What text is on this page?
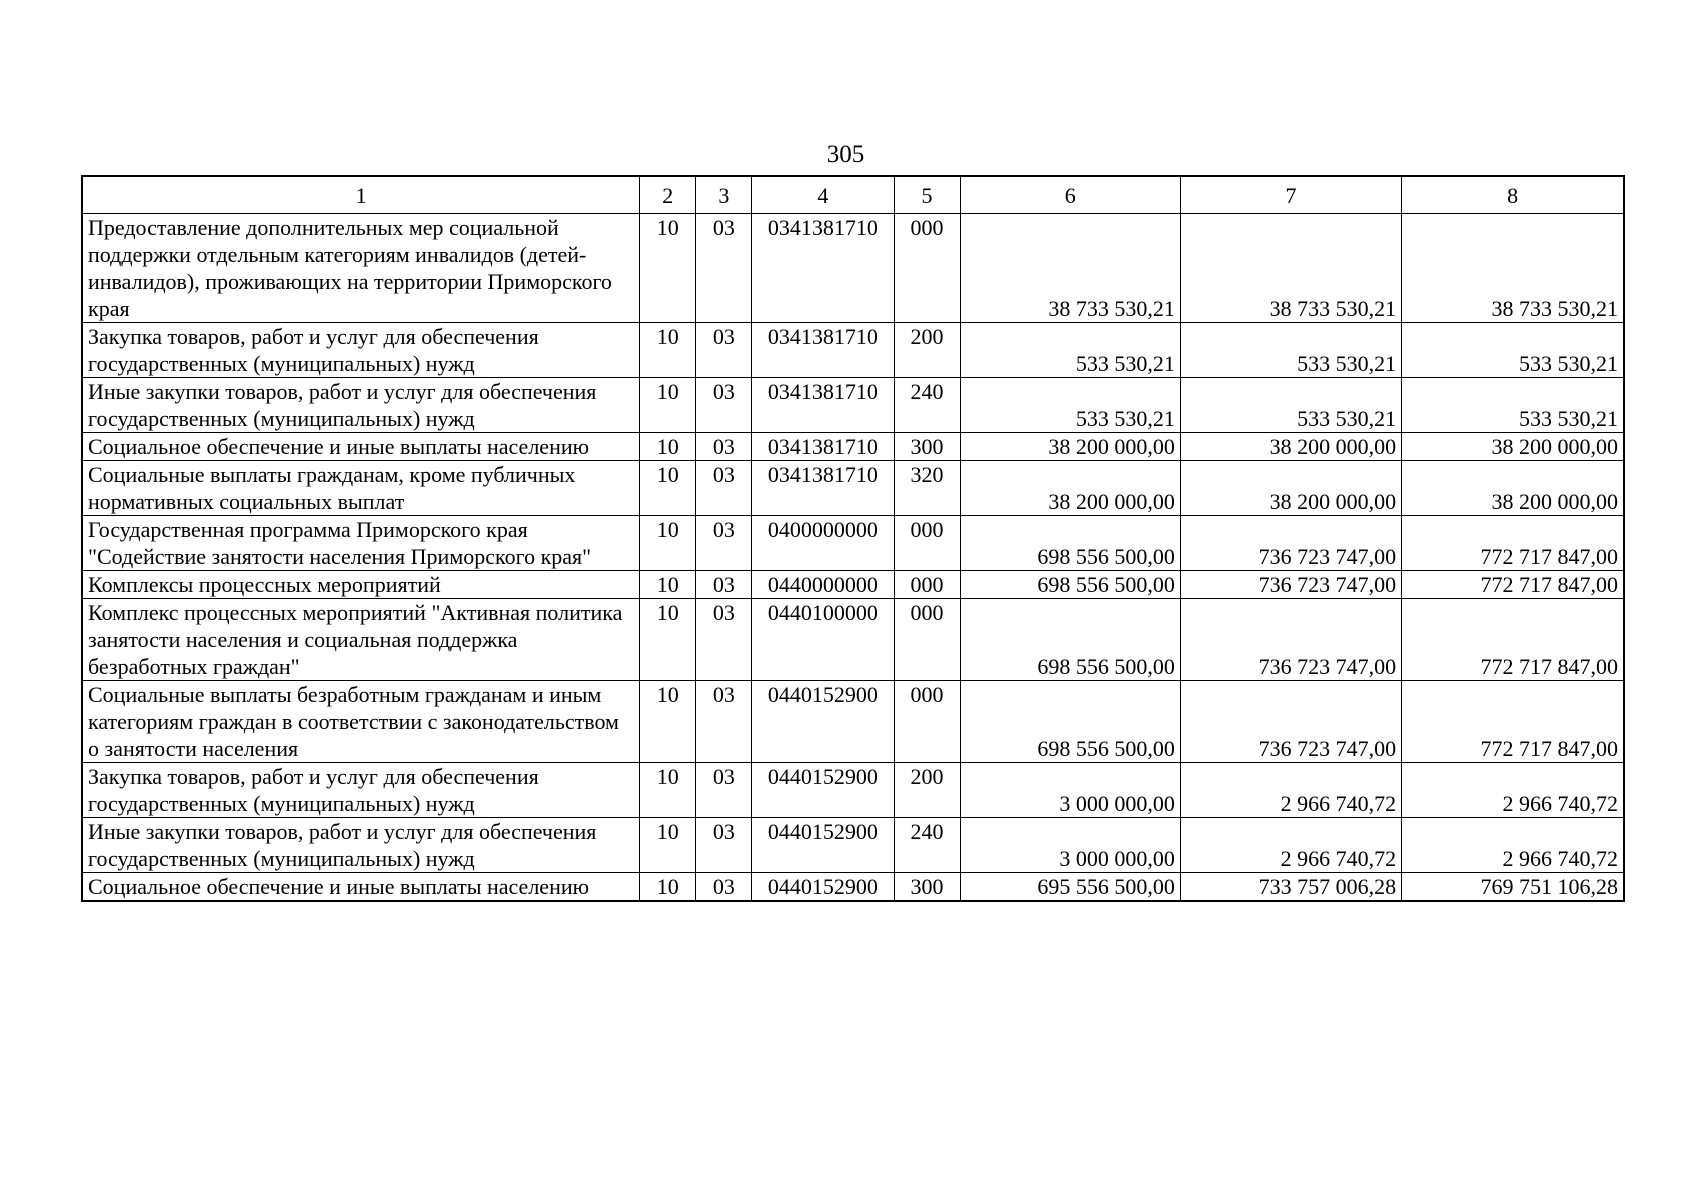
305
1	2	3	4	5	6	7	8
Предоставление дополнительных мер социальной поддержки отдельным категориям инвалидов (детей-инвалидов), проживающих на территории Приморского края	10	03	0341381710	000	38 733 530,21	38 733 530,21	38 733 530,21
Закупка товаров, работ и услуг для обеспечения государственных (муниципальных) нужд	10	03	0341381710	200	533 530,21	533 530,21	533 530,21
Иные закупки товаров, работ и услуг для обеспечения государственных (муниципальных) нужд	10	03	0341381710	240	533 530,21	533 530,21	533 530,21
Социальное обеспечение и иные выплаты населению	10	03	0341381710	300	38 200 000,00	38 200 000,00	38 200 000,00
Социальные выплаты гражданам, кроме публичных нормативных социальных выплат	10	03	0341381710	320	38 200 000,00	38 200 000,00	38 200 000,00
Государственная программа Приморского края "Содействие занятости населения Приморского края"	10	03	0400000000	000	698 556 500,00	736 723 747,00	772 717 847,00
Комплексы процессных мероприятий	10	03	0440000000	000	698 556 500,00	736 723 747,00	772 717 847,00
Комплекс процессных мероприятий "Активная политика занятости населения и социальная поддержка безработных граждан"	10	03	0440100000	000	698 556 500,00	736 723 747,00	772 717 847,00
Социальные выплаты безработным гражданам и иным категориям граждан в соответствии с законодательством о занятости населения	10	03	0440152900	000	698 556 500,00	736 723 747,00	772 717 847,00
Закупка товаров, работ и услуг для обеспечения государственных (муниципальных) нужд	10	03	0440152900	200	3 000 000,00	2 966 740,72	2 966 740,72
Иные закупки товаров, работ и услуг для обеспечения государственных (муниципальных) нужд	10	03	0440152900	240	3 000 000,00	2 966 740,72	2 966 740,72
Социальное обеспечение и иные выплаты населению	10	03	0440152900	300	695 556 500,00	733 757 006,28	769 751 106,28
